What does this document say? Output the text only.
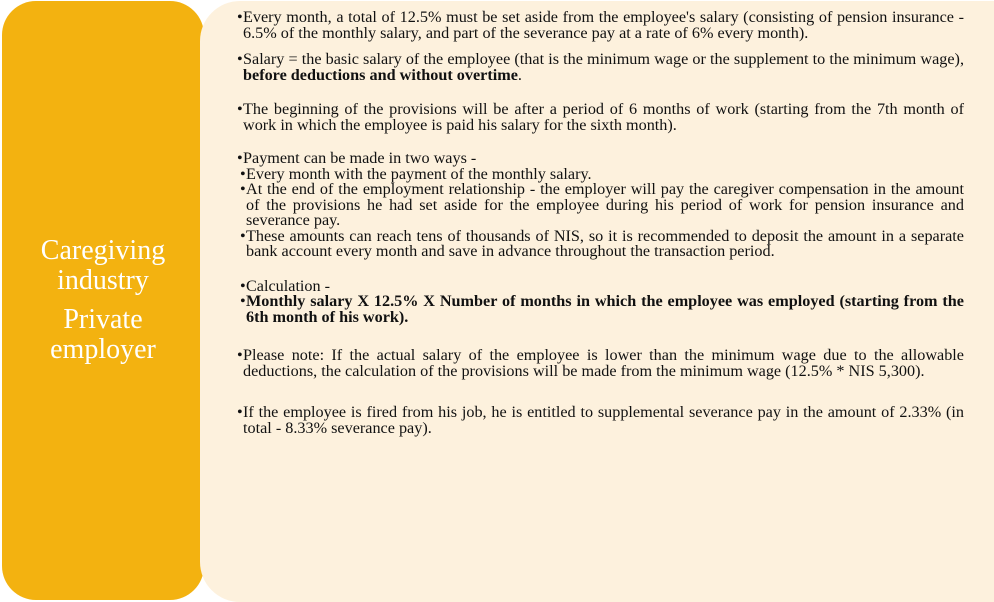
Caregiving
industry
Private
employer

• Every month, a total of 12.5% must be set aside from the employee's salary (consisting of pension insurance - 6.5% of the monthly salary, and part of the severance pay at a rate of 6% every month).

• Salary = the basic salary of the employee (that is the minimum wage or the supplement to the minimum wage), before deductions and without overtime.

• The beginning of the provisions will be after a period of 6 months of work (starting from the 7th month of work in which the employee is paid his salary for the sixth month).

• Payment can be made in two ways -

• Every month with the payment of the monthly salary.

• At the end of the employment relationship - the employer will pay the caregiver compensation in the amount of the provisions he had set aside for the employee during his period of work for pension insurance and severance pay.

• These amounts can reach tens of thousands of NIS, so it is recommended to deposit the amount in a separate bank account every month and save in advance throughout the transaction period.

• Calculation -

• Monthly salary X 12.5% X Number of months in which the employee was employed (starting from the 6th month of his work).

• Please note: If the actual salary of the employee is lower than the minimum wage due to the allowable deductions, the calculation of the provisions will be made from the minimum wage (12.5% * NIS 5,300).

• If the employee is fired from his job, he is entitled to supplemental severance pay in the amount of 2.33% (in total - 8.33% severance pay).
